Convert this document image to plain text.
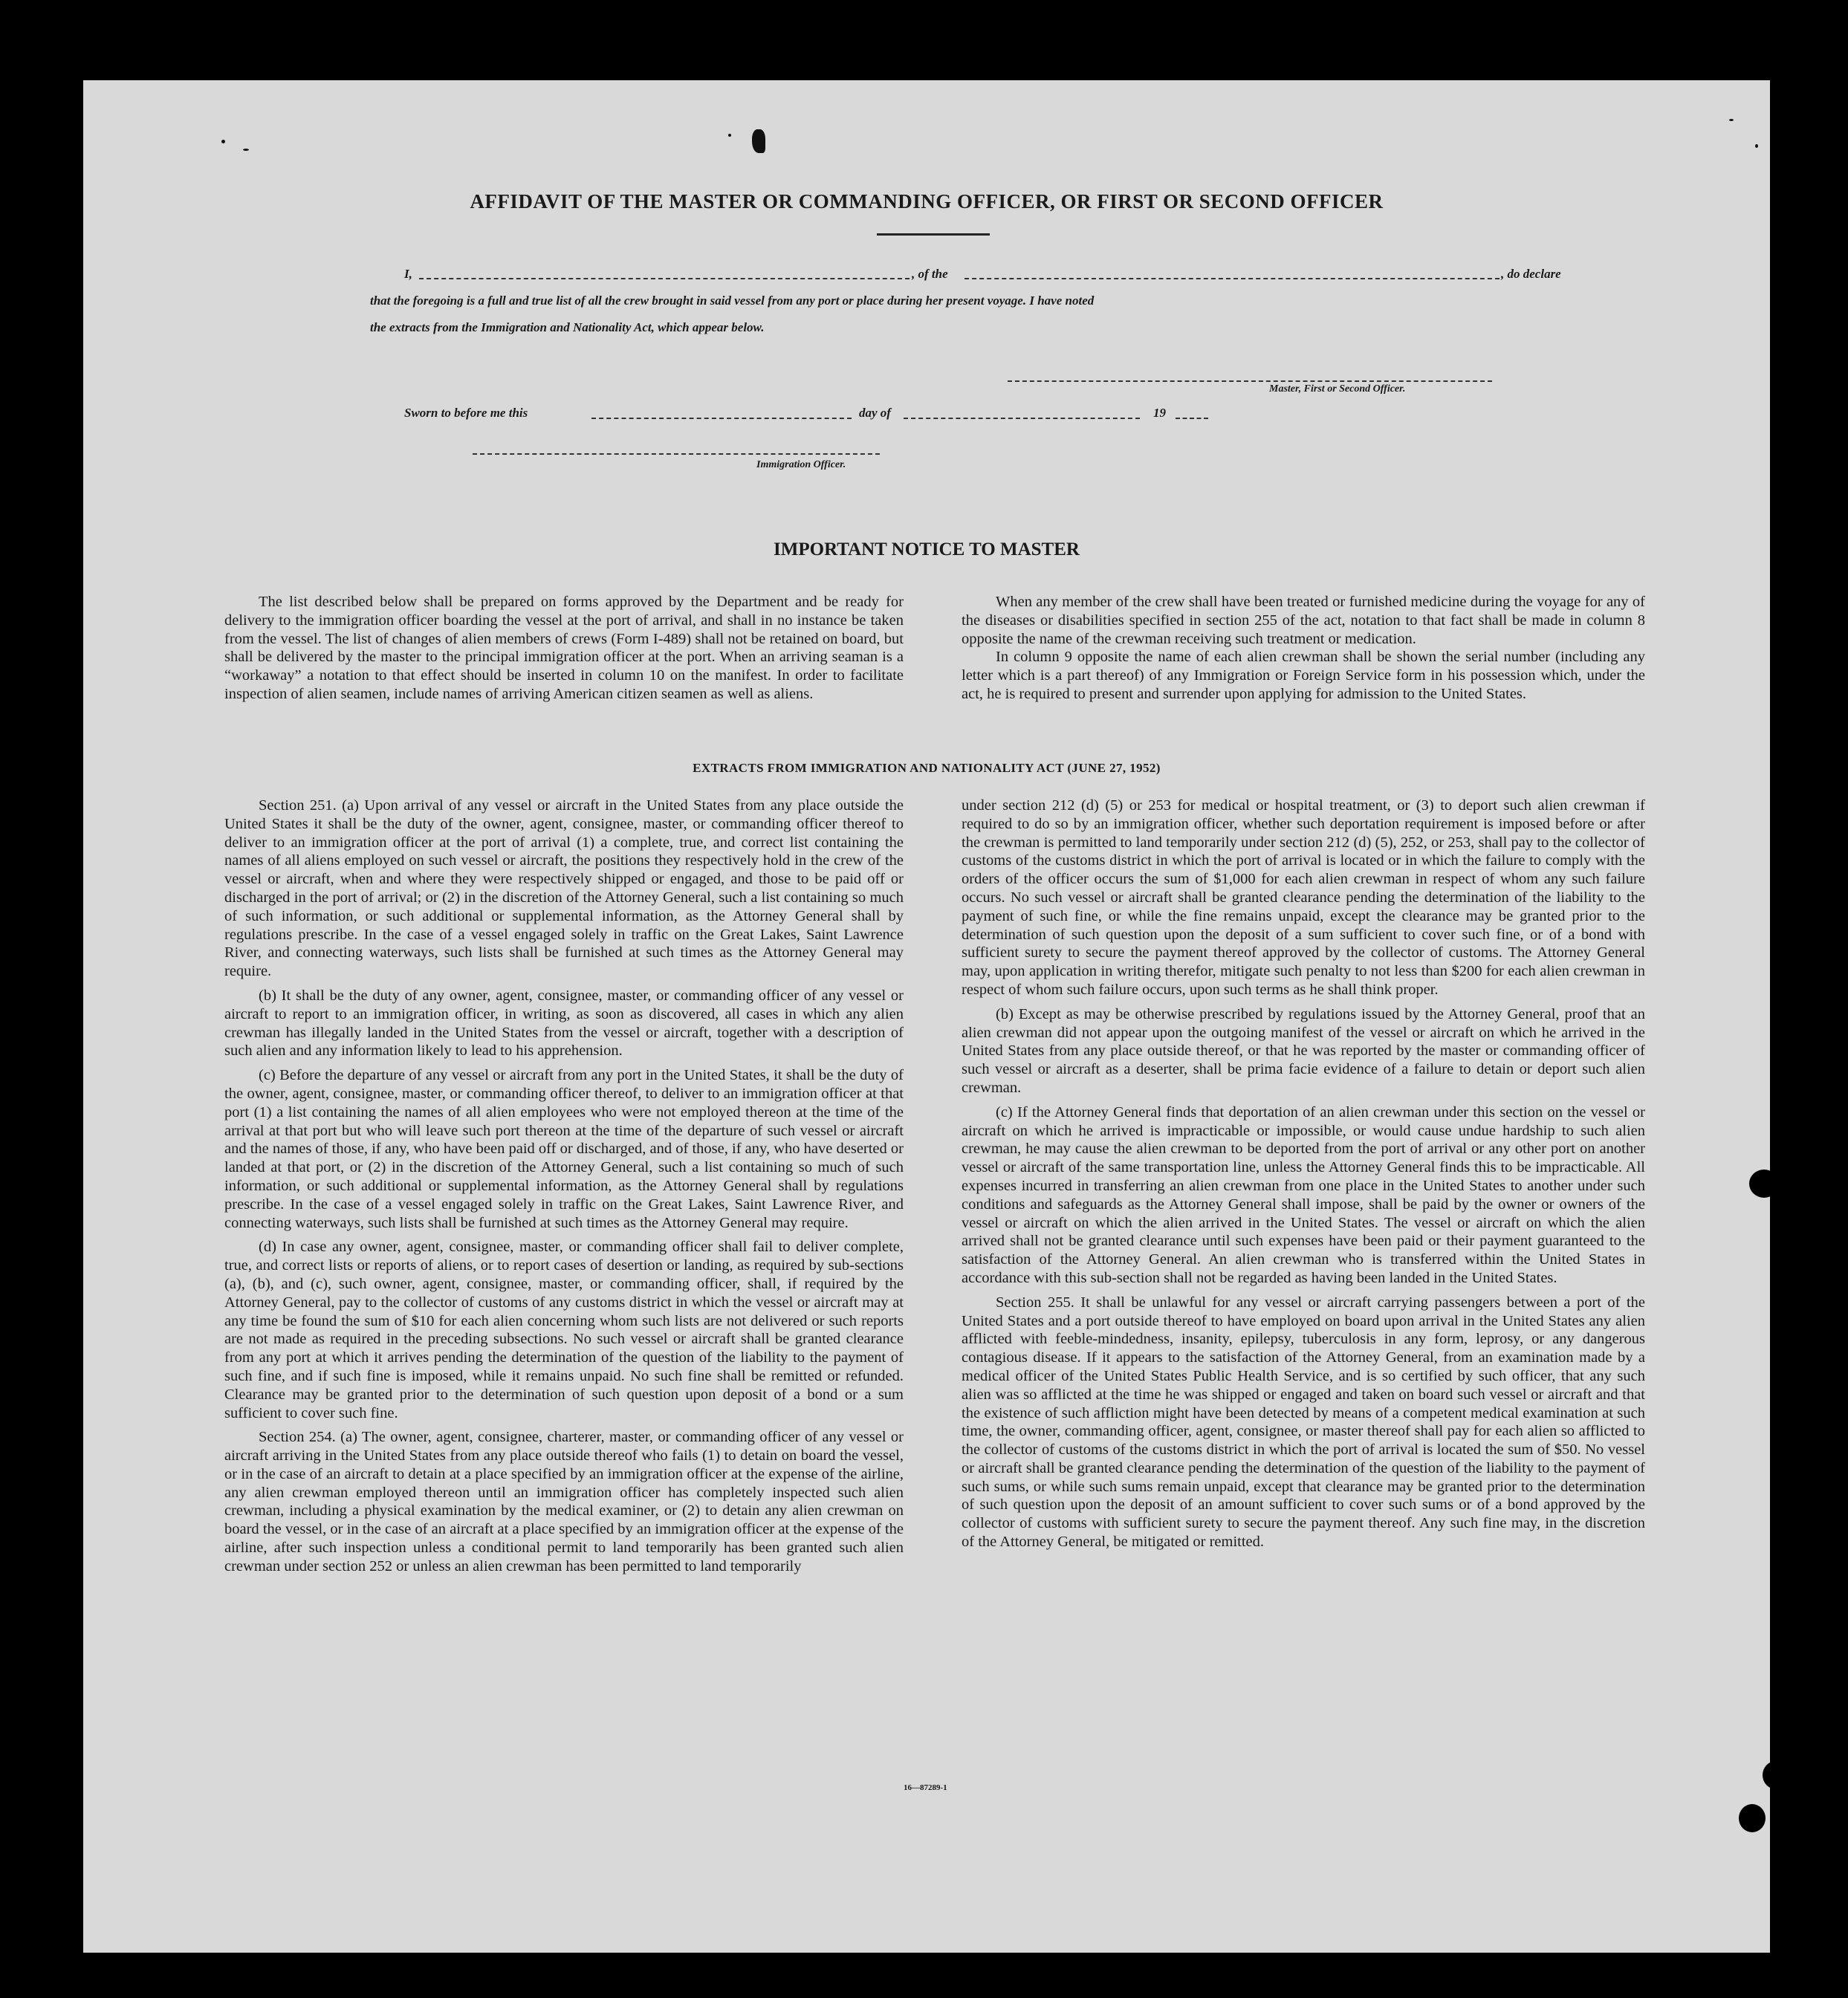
AFFIDAVIT OF THE MASTER OR COMMANDING OFFICER, OR FIRST OR SECOND OFFICER
I,	, of the	, do declare
that the foregoing is a full and true list of all the crew brought in said vessel from any port or place during her present voyage. I have noted
the extracts from the Immigration and Nationality Act, which appear below.
Master, First or Second Officer.
Sworn to before me this	day of	19
Immigration Officer.
IMPORTANT NOTICE TO MASTER

The list described below shall be prepared on forms approved by the Department and be ready for delivery to the immigration officer boarding the vessel at the port of arrival, and shall in no instance be taken from the vessel. The list of changes of alien members of crews (Form I-489) shall not be retained on board, but shall be delivered by the master to the principal immigration officer at the port. When an arriving seaman is a “workaway” a notation to that effect should be inserted in column 10 on the manifest. In order to facilitate inspection of alien seamen, include names of arriving American citizen seamen as well as aliens.

When any member of the crew shall have been treated or furnished medicine during the voyage for any of the diseases or disabilities specified in section 255 of the act, notation to that fact shall be made in column 8 opposite the name of the crewman receiving such treatment or medication.

In column 9 opposite the name of each alien crewman shall be shown the serial number (including any letter which is a part thereof) of any Immigration or Foreign Service form in his possession which, under the act, he is required to present and surrender upon applying for admission to the United States.

EXTRACTS FROM IMMIGRATION AND NATIONALITY ACT (JUNE 27, 1952)

Section 251. (a) Upon arrival of any vessel or aircraft in the United States from any place outside the United States it shall be the duty of the owner, agent, consignee, master, or commanding officer thereof to deliver to an immigration officer at the port of arrival (1) a complete, true, and correct list containing the names of all aliens employed on such vessel or aircraft, the positions they respectively hold in the crew of the vessel or aircraft, when and where they were respectively shipped or engaged, and those to be paid off or discharged in the port of arrival; or (2) in the discretion of the Attorney General, such a list containing so much of such information, or such additional or supplemental information, as the Attorney General shall by regulations prescribe. In the case of a vessel engaged solely in traffic on the Great Lakes, Saint Lawrence River, and connecting waterways, such lists shall be furnished at such times as the Attorney General may require.

(b) It shall be the duty of any owner, agent, consignee, master, or commanding officer of any vessel or aircraft to report to an immigration officer, in writing, as soon as discovered, all cases in which any alien crewman has illegally landed in the United States from the vessel or aircraft, together with a description of such alien and any information likely to lead to his apprehension.

(c) Before the departure of any vessel or aircraft from any port in the United States, it shall be the duty of the owner, agent, consignee, master, or commanding officer thereof, to deliver to an immigration officer at that port (1) a list containing the names of all alien employees who were not employed thereon at the time of the arrival at that port but who will leave such port thereon at the time of the departure of such vessel or aircraft and the names of those, if any, who have been paid off or discharged, and of those, if any, who have deserted or landed at that port, or (2) in the discretion of the Attorney General, such a list containing so much of such information, or such additional or supplemental information, as the Attorney General shall by regulations prescribe. In the case of a vessel engaged solely in traffic on the Great Lakes, Saint Lawrence River, and connecting waterways, such lists shall be furnished at such times as the Attorney General may require.

(d) In case any owner, agent, consignee, master, or commanding officer shall fail to deliver complete, true, and correct lists or reports of aliens, or to report cases of desertion or landing, as required by sub-sections (a), (b), and (c), such owner, agent, consignee, master, or commanding officer, shall, if required by the Attorney General, pay to the collector of customs of any customs district in which the vessel or aircraft may at any time be found the sum of $10 for each alien concerning whom such lists are not delivered or such reports are not made as required in the preceding subsections. No such vessel or aircraft shall be granted clearance from any port at which it arrives pending the determination of the question of the liability to the payment of such fine, and if such fine is imposed, while it remains unpaid. No such fine shall be remitted or refunded. Clearance may be granted prior to the determination of such question upon deposit of a bond or a sum sufficient to cover such fine.

Section 254. (a) The owner, agent, consignee, charterer, master, or commanding officer of any vessel or aircraft arriving in the United States from any place outside thereof who fails (1) to detain on board the vessel, or in the case of an aircraft to detain at a place specified by an immigration officer at the expense of the airline, any alien crewman employed thereon until an immigration officer has completely inspected such alien crewman, including a physical examination by the medical examiner, or (2) to detain any alien crewman on board the vessel, or in the case of an aircraft at a place specified by an immigration officer at the expense of the airline, after such inspection unless a conditional permit to land temporarily has been granted such alien crewman under section 252 or unless an alien crewman has been permitted to land temporarily

under section 212 (d) (5) or 253 for medical or hospital treatment, or (3) to deport such alien crewman if required to do so by an immigration officer, whether such deportation requirement is imposed before or after the crewman is permitted to land temporarily under section 212 (d) (5), 252, or 253, shall pay to the collector of customs of the customs district in which the port of arrival is located or in which the failure to comply with the orders of the officer occurs the sum of $1,000 for each alien crewman in respect of whom any such failure occurs. No such vessel or aircraft shall be granted clearance pending the determination of the liability to the payment of such fine, or while the fine remains unpaid, except the clearance may be granted prior to the determination of such question upon the deposit of a sum sufficient to cover such fine, or of a bond with sufficient surety to secure the payment thereof approved by the collector of customs. The Attorney General may, upon application in writing therefor, mitigate such penalty to not less than $200 for each alien crewman in respect of whom such failure occurs, upon such terms as he shall think proper.

(b) Except as may be otherwise prescribed by regulations issued by the Attorney General, proof that an alien crewman did not appear upon the outgoing manifest of the vessel or aircraft on which he arrived in the United States from any place outside thereof, or that he was reported by the master or commanding officer of such vessel or aircraft as a deserter, shall be prima facie evidence of a failure to detain or deport such alien crewman.

(c) If the Attorney General finds that deportation of an alien crewman under this section on the vessel or aircraft on which he arrived is impracticable or impossible, or would cause undue hardship to such alien crewman, he may cause the alien crewman to be deported from the port of arrival or any other port on another vessel or aircraft of the same transportation line, unless the Attorney General finds this to be impracticable. All expenses incurred in transferring an alien crewman from one place in the United States to another under such conditions and safeguards as the Attorney General shall impose, shall be paid by the owner or owners of the vessel or aircraft on which the alien arrived in the United States. The vessel or aircraft on which the alien arrived shall not be granted clearance until such expenses have been paid or their payment guaranteed to the satisfaction of the Attorney General. An alien crewman who is transferred within the United States in accordance with this sub-section shall not be regarded as having been landed in the United States.

Section 255. It shall be unlawful for any vessel or aircraft carrying passengers between a port of the United States and a port outside thereof to have employed on board upon arrival in the United States any alien afflicted with feeble-mindedness, insanity, epilepsy, tuberculosis in any form, leprosy, or any dangerous contagious disease. If it appears to the satisfaction of the Attorney General, from an examination made by a medical officer of the United States Public Health Service, and is so certified by such officer, that any such alien was so afflicted at the time he was shipped or engaged and taken on board such vessel or aircraft and that the existence of such affliction might have been detected by means of a competent medical examination at such time, the owner, commanding officer, agent, consignee, or master thereof shall pay for each alien so afflicted to the collector of customs of the customs district in which the port of arrival is located the sum of $50. No vessel or aircraft shall be granted clearance pending the determination of the question of the liability to the payment of such sums, or while such sums remain unpaid, except that clearance may be granted prior to the determination of such question upon the deposit of an amount sufficient to cover such sums or of a bond approved by the collector of customs with sufficient surety to secure the payment thereof. Any such fine may, in the discretion of the Attorney General, be mitigated or remitted.

16—87289-1
